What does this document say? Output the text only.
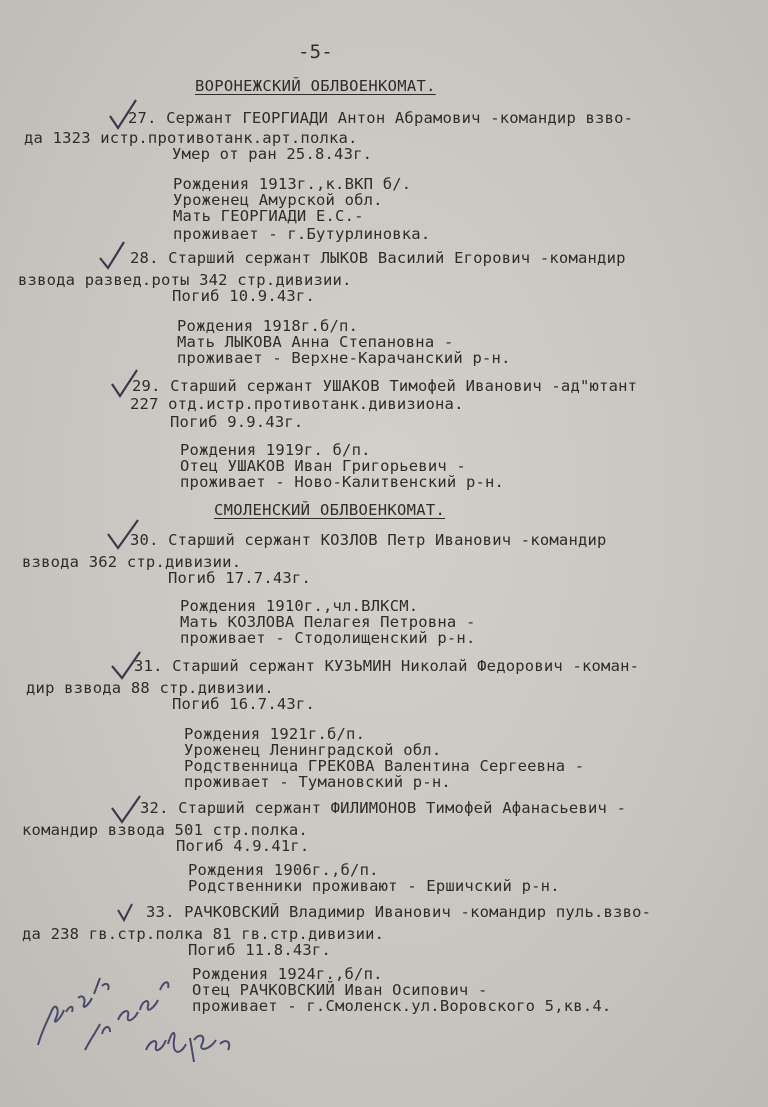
-5-
ВОРОНЕЖСКИЙ ОБЛВОЕНКОМАТ.
27. Сержант ГЕОРГИАДИ Антон Абрамович -командир взво-
да 1323 истр.противотанк.арт.полка.
Умер от ран 25.8.43г.
Рождения 1913г.,к.ВКП б/.
Уроженец Амурской обл.
Мать ГЕОРГИАДИ Е.С.-
проживает - г.Бутурлиновка.
28. Старший сержант ЛЫКОВ Василий Егорович -командир
взвода развед.роты 342 стр.дивизии.
Погиб 10.9.43г.
Рождения 1918г.б/п.
Мать ЛЫКОВА Анна Степановна -
проживает - Верхне-Карачанский р-н.
29. Старший сержант УШАКОВ Тимофей Иванович -ад"ютант
227 отд.истр.противотанк.дивизиона.
Погиб 9.9.43г.
Рождения 1919г. б/п.
Отец УШАКОВ Иван Григорьевич -
проживает - Ново-Калитвенский р-н.
СМОЛЕНСКИЙ ОБЛВОЕНКОМАТ.
30. Старший сержант КОЗЛОВ Петр Иванович -командир
взвода 362 стр.дивизии.
Погиб 17.7.43г.
Рождения 1910г.,чл.ВЛКСМ.
Мать КОЗЛОВА Пелагея Петровна -
проживает - Стодолищенский р-н.
31. Старший сержант КУЗЬМИН Николай Федорович -коман-
дир взвода 88 стр.дивизии.
Погиб 16.7.43г.
Рождения 1921г.б/п.
Уроженец Ленинградской обл.
Родственница ГРЕКОВА Валентина Сергеевна -
проживает - Тумановский р-н.
32. Старший сержант ФИЛИМОНОВ Тимофей Афанасьевич -
командир взвода 501 стр.полка.
Погиб 4.9.41г.
Рождения 1906г.,б/п.
Родственники проживают - Ершичский р-н.
33. РАЧКОВСКИЙ Владимир Иванович -командир пуль.взво-
да 238 гв.стр.полка 81 гв.стр.дивизии.
Погиб 11.8.43г.
Рождения 1924г.,б/п.
Отец РАЧКОВСКИЙ Иван Осипович -
проживает - г.Смоленск.ул.Воровского 5,кв.4.
